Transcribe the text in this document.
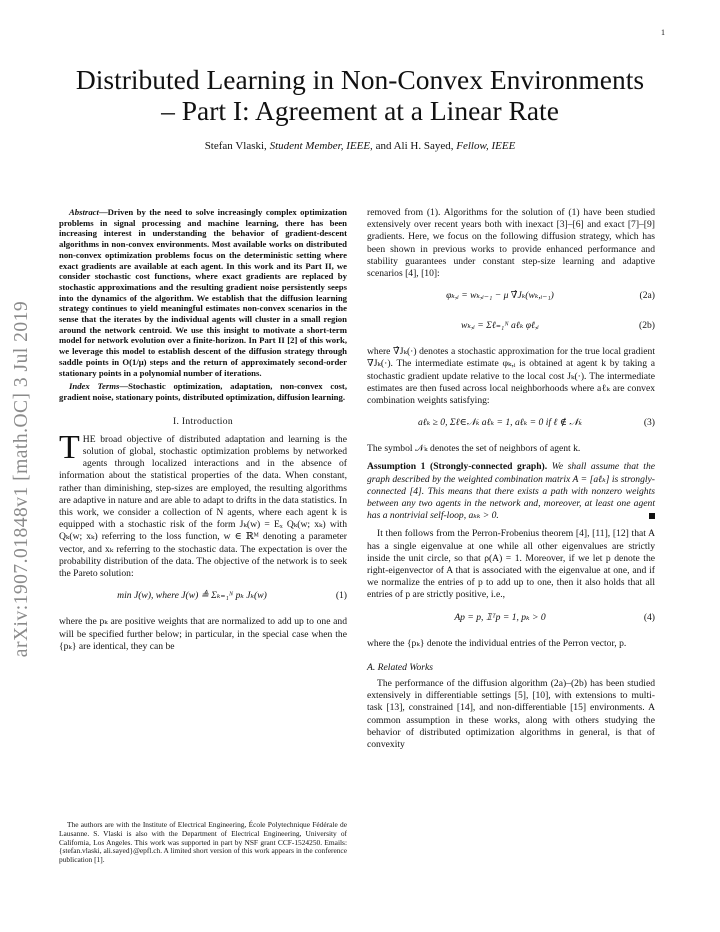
1
arXiv:1907.01848v1 [math.OC] 3 Jul 2019
Distributed Learning in Non-Convex Environments
– Part I: Agreement at a Linear Rate
Stefan Vlaski, Student Member, IEEE, and Ali H. Sayed, Fellow, IEEE

Abstract—Driven by the need to solve increasingly complex optimization problems in signal processing and machine learning, there has been increasing interest in understanding the behavior of gradient-descent algorithms in non-convex environments. Most available works on distributed non-convex optimization problems focus on the deterministic setting where exact gradients are available at each agent. In this work and its Part II, we consider stochastic cost functions, where exact gradients are replaced by stochastic approximations and the resulting gradient noise persistently seeps into the dynamics of the algorithm. We establish that the diffusion learning strategy continues to yield meaningful estimates non-convex scenarios in the sense that the iterates by the individual agents will cluster in a small region around the network centroid. We use this insight to motivate a short-term model for network evolution over a finite-horizon. In Part II [2] of this work, we leverage this model to establish descent of the diffusion strategy through saddle points in O(1/μ) steps and the return of approximately second-order stationary points in a polynomial number of iterations.

Index Terms—Stochastic optimization, adaptation, non-convex cost, gradient noise, stationary points, distributed optimization, diffusion learning.

I. Introduction

THE broad objective of distributed adaptation and learning is the solution of global, stochastic optimization problems by networked agents through localized interactions and in the absence of information about the statistical properties of the data. When constant, rather than diminishing, step-sizes are employed, the resulting algorithms are adaptive in nature and are able to adapt to drifts in the data statistics. In this work, we consider a collection of N agents, where each agent k is equipped with a stochastic risk of the form Jₖ(w) = Eₓ Qₖ(w; xₖ) with Qₖ(w; xₖ) referring to the loss function, w ∈ ℝᴹ denoting a parameter vector, and xₖ referring to the stochastic data. The expectation is over the probability distribution of the data. The objective of the network is to seek the Pareto solution:

min J(w), where J(w) ≜ Σₖ₌₁ᴺ pₖ Jₖ(w)	(1)

where the pₖ are positive weights that are normalized to add up to one and will be specified further below; in particular, in the special case when the {pₖ} are identical, they can be

The authors are with the Institute of Electrical Engineering, École Polytechnique Fédérale de Lausanne. S. Vlaski is also with the Department of Electrical Engineering, University of California, Los Angeles. This work was supported in part by NSF grant CCF-1524250. Emails:{stefan.vlaski, ali.sayed}@epfl.ch. A limited short version of this work appears in the conference publication [1].

removed from (1). Algorithms for the solution of (1) have been studied extensively over recent years both with inexact [3]–[6] and exact [7]–[9] gradients. Here, we focus on the following diffusion strategy, which has been shown in previous works to provide enhanced performance and stability guarantees under constant step-size learning and adaptive scenarios [4], [10]:

φₖ,ᵢ = wₖ,ᵢ₋₁ − μ ∇̂Jₖ(wₖ,ᵢ₋₁)	(2a)
wₖ,ᵢ = Σℓ₌₁ᴺ aℓₖ φℓ,ᵢ	(2b)

where ∇̂Jₖ(·) denotes a stochastic approximation for the true local gradient ∇Jₖ(·). The intermediate estimate φₖ,ᵢ is obtained at agent k by taking a stochastic gradient update relative to the local cost Jₖ(·). The intermediate estimates are then fused across local neighborhoods where aℓₖ are convex combination weights satisfying:

aℓₖ ≥ 0, Σℓ∈𝒩ₖ aℓₖ = 1, aℓₖ = 0 if ℓ ∉ 𝒩ₖ	(3)

The symbol 𝒩ₖ denotes the set of neighbors of agent k.

Assumption 1 (Strongly-connected graph). We shall assume that the graph described by the weighted combination matrix A = [aℓₖ] is strongly-connected [4]. This means that there exists a path with nonzero weights between any two agents in the network and, moreover, at least one agent has a nontrivial self-loop, aₖₖ > 0.

It then follows from the Perron-Frobenius theorem [4], [11], [12] that A has a single eigenvalue at one while all other eigenvalues are strictly inside the unit circle, so that ρ(A) = 1. Moreover, if we let p denote the right-eigenvector of A that is associated with the eigenvalue at one, and if we normalize the entries of p to add up to one, then it also holds that all entries of p are strictly positive, i.e.,

Ap = p, 𝟙ᵀp = 1, pₖ > 0	(4)

where the {pₖ} denote the individual entries of the Perron vector, p.

A. Related Works

The performance of the diffusion algorithm (2a)–(2b) has been studied extensively in differentiable settings [5], [10], with extensions to multi-task [13], constrained [14], and non-differentiable [15] environments. A common assumption in these works, along with others studying the behavior of distributed optimization algorithms in general, is that of convexity
